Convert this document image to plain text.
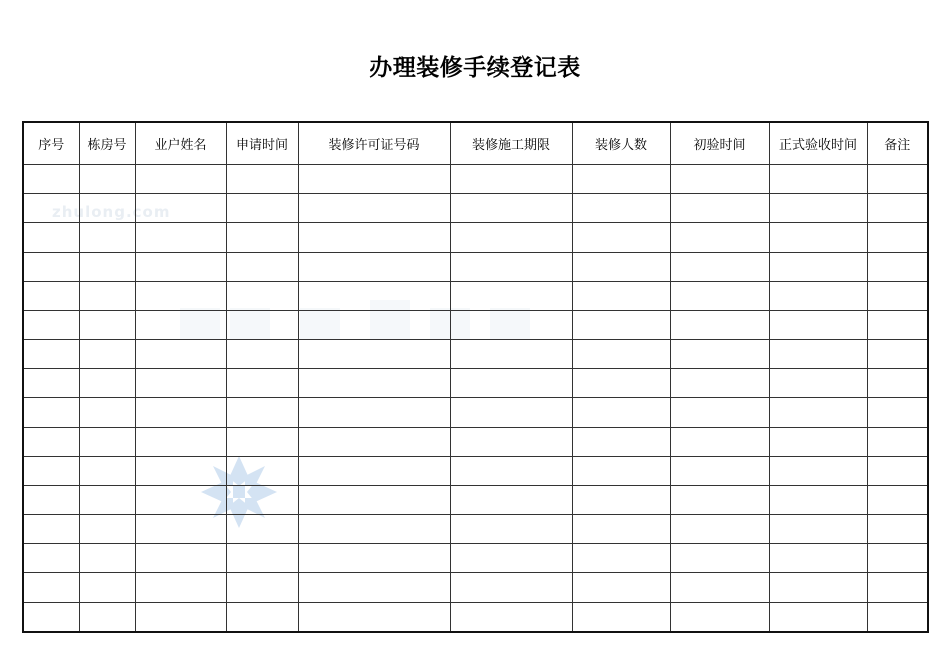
办理装修手续登记表
zhulong.com
序号	栋房号	业户姓名	申请时间	装修许可证号码	装修施工期限	装修人数	初验时间	正式验收时间	备注
